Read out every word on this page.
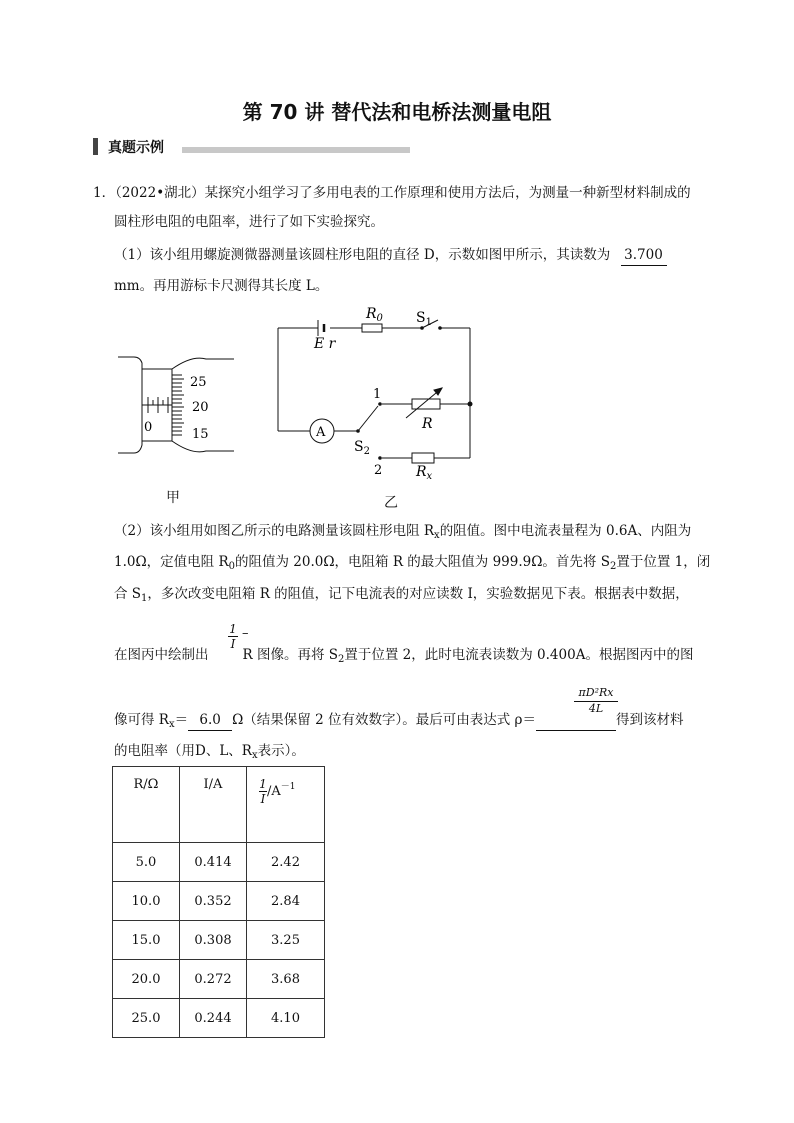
第 70 讲 替代法和电桥法测量电阻
真题示例
1．（2022•湖北）某探究小组学习了多用电表的工作原理和使用方法后，为测量一种新型材料制成的
圆柱形电阻的电阻率，进行了如下实验探究。
（1）该小组用螺旋测微器测量该圆柱形电阻的直径 D，示数如图甲所示，其读数为 3.700
mm。再用游标卡尺测得其长度 L。
25
20
15
0
甲
$R_0$ $S_1$
E r
1
R
A
$S_2$
2 $R_x$
乙
（2）该小组用如图乙所示的电路测量该圆柱形电阻 $R_x$的阻值。图中电流表量程为 0.6A、内阻为
1.0Ω，定值电阻 $R_0$的阻值为 20.0Ω，电阻箱 R 的最大阻值为 999.9Ω。首先将 $S_2$置于位置 1，闭
合 $S_1$，多次改变电阻箱 R 的阻值，记下电流表的对应读数 I，实验数据见下表。根据表中数据，
$\frac{1}{I}$ –
在图丙中绘制出	R 图像。再将 $S_2$置于位置 2，此时电流表读数为 0.400A。根据图丙中的图
$\frac{\text{πD²Rx}}{4L}$
像可得 $R_x= 6.0$ Ω（结果保留 2 位有效数字）。最后可由表达式 ρ＝	得到该材料
的电阻率（用D、L、$R_x$表示）。
R/Ω	I/A	$\frac{1}{I} /A^{-1}$
5.0	0.414	2.42
10.0	0.352	2.84
15.0	0.308	3.25
20.0	0.272	3.68
25.0	0.244	4.10
